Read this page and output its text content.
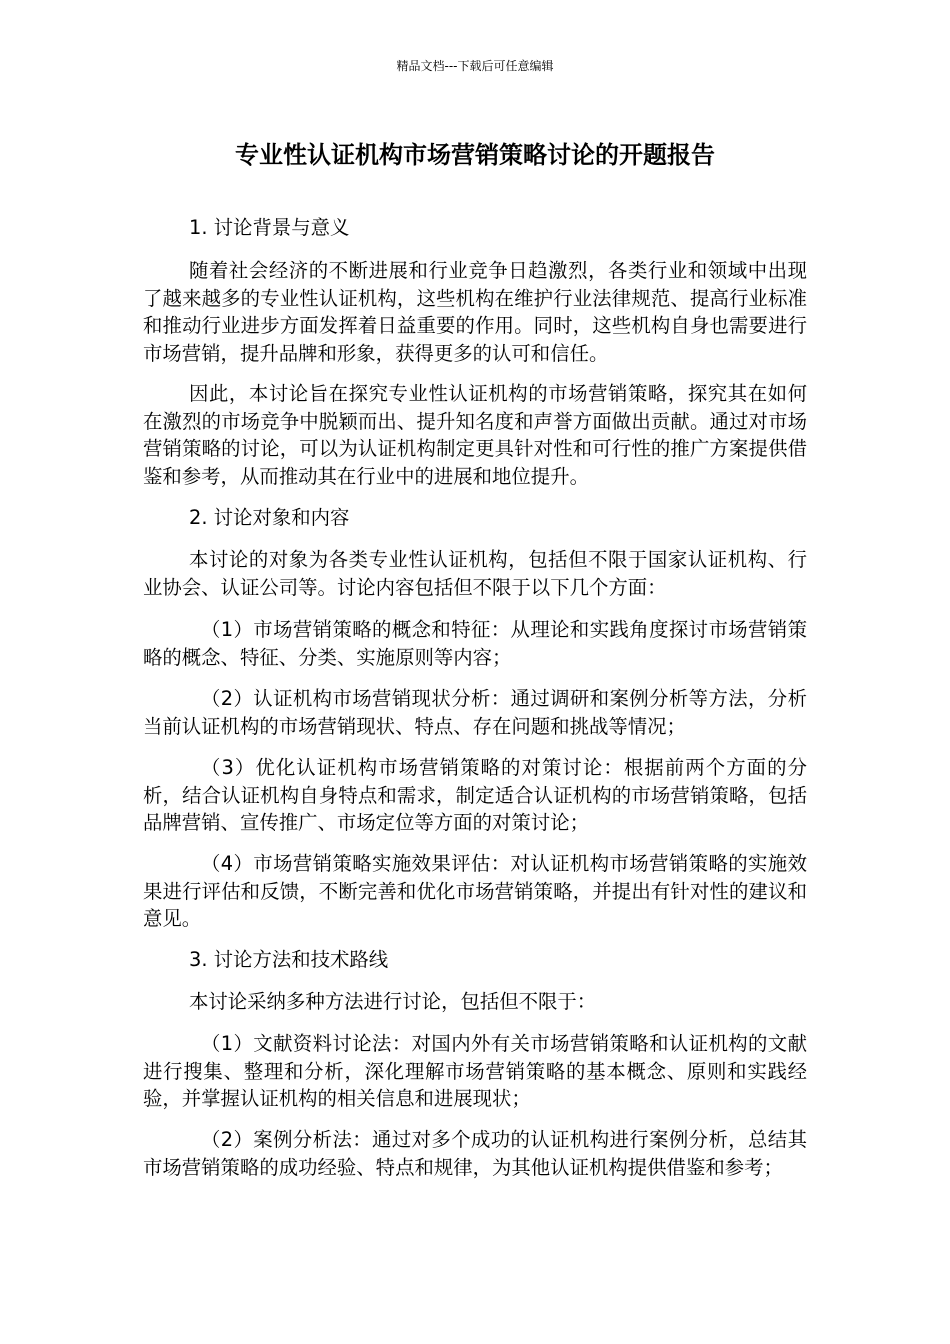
精品文档---下载后可任意编辑
专业性认证机构市场营销策略讨论的开题报告

1. 讨论背景与意义

随着社会经济的不断进展和行业竞争日趋激烈，各类行业和领域中出现了越来越多的专业性认证机构，这些机构在维护行业法律规范、提高行业标准和推动行业进步方面发挥着日益重要的作用。同时，这些机构自身也需要进行市场营销，提升品牌和形象，获得更多的认可和信任。

因此，本讨论旨在探究专业性认证机构的市场营销策略，探究其在如何在激烈的市场竞争中脱颖而出、提升知名度和声誉方面做出贡献。通过对市场营销策略的讨论，可以为认证机构制定更具针对性和可行性的推广方案提供借鉴和参考，从而推动其在行业中的进展和地位提升。

2. 讨论对象和内容

本讨论的对象为各类专业性认证机构，包括但不限于国家认证机构、行业协会、认证公司等。讨论内容包括但不限于以下几个方面：

（1）市场营销策略的概念和特征：从理论和实践角度探讨市场营销策略的概念、特征、分类、实施原则等内容；

（2）认证机构市场营销现状分析：通过调研和案例分析等方法，分析当前认证机构的市场营销现状、特点、存在问题和挑战等情况；

（3）优化认证机构市场营销策略的对策讨论：根据前两个方面的分析，结合认证机构自身特点和需求，制定适合认证机构的市场营销策略，包括品牌营销、宣传推广、市场定位等方面的对策讨论；

（4）市场营销策略实施效果评估：对认证机构市场营销策略的实施效果进行评估和反馈，不断完善和优化市场营销策略，并提出有针对性的建议和意见。

3. 讨论方法和技术路线

本讨论采纳多种方法进行讨论，包括但不限于：

（1）文献资料讨论法：对国内外有关市场营销策略和认证机构的文献进行搜集、整理和分析，深化理解市场营销策略的基本概念、原则和实践经验，并掌握认证机构的相关信息和进展现状；

（2）案例分析法：通过对多个成功的认证机构进行案例分析，总结其市场营销策略的成功经验、特点和规律，为其他认证机构提供借鉴和参考；
